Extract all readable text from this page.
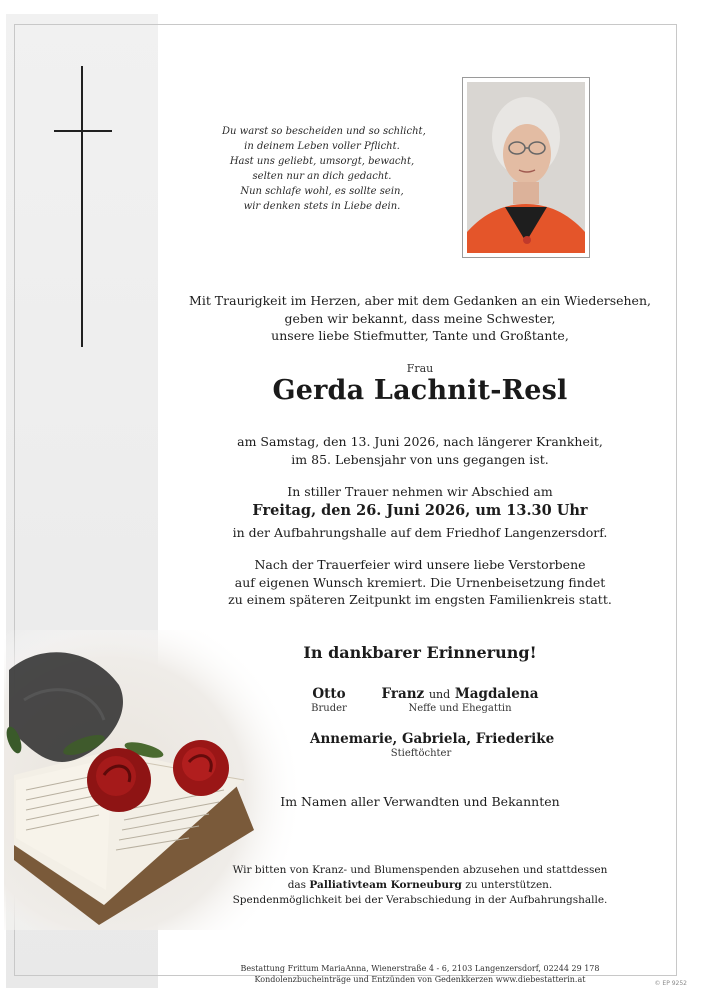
Du warst so bescheiden und so schlicht,
in deinem Leben voller Pflicht.
Hast uns geliebt, umsorgt, bewacht,
selten nur an dich gedacht.
Nun schlafe wohl, es sollte sein,
wir denken stets in Liebe dein.
Mit Traurigkeit im Herzen, aber mit dem Gedanken an ein Wiedersehen,
geben wir bekannt, dass meine Schwester,
unsere liebe Stiefmutter, Tante und Großtante,
Frau
Gerda Lachnit-Resl
am Samstag, den 13. Juni 2026, nach längerer Krankheit,
im 85. Lebensjahr von uns gegangen ist.
In stiller Trauer nehmen wir Abschied am
Freitag, den 26. Juni 2026, um 13.30 Uhr
in der Aufbahrungshalle auf dem Friedhof Langenzersdorf.
Nach der Trauerfeier wird unsere liebe Verstorbene
auf eigenen Wunsch kremiert. Die Urnenbeisetzung findet
zu einem späteren Zeitpunkt im engsten Familienkreis statt.
In dankbarer Erinnerung!
Otto
Bruder
Franz und Magdalena
Neffe und Ehegattin
Annemarie, Gabriela, Friederike
Stieftöchter
Im Namen aller Verwandten und Bekannten
Wir bitten von Kranz- und Blumenspenden abzusehen und stattdessen
das Palliativteam Korneuburg zu unterstützen.
Spendenmöglichkeit bei der Verabschiedung in der Aufbahrungshalle.
Bestattung Frittum MariaAnna, Wienerstraße 4 - 6, 2103 Langenzersdorf, 02244 29 178
Kondolenzbucheinträge und Entzünden von Gedenkkerzen www.diebestatterin.at	© EP 9252
